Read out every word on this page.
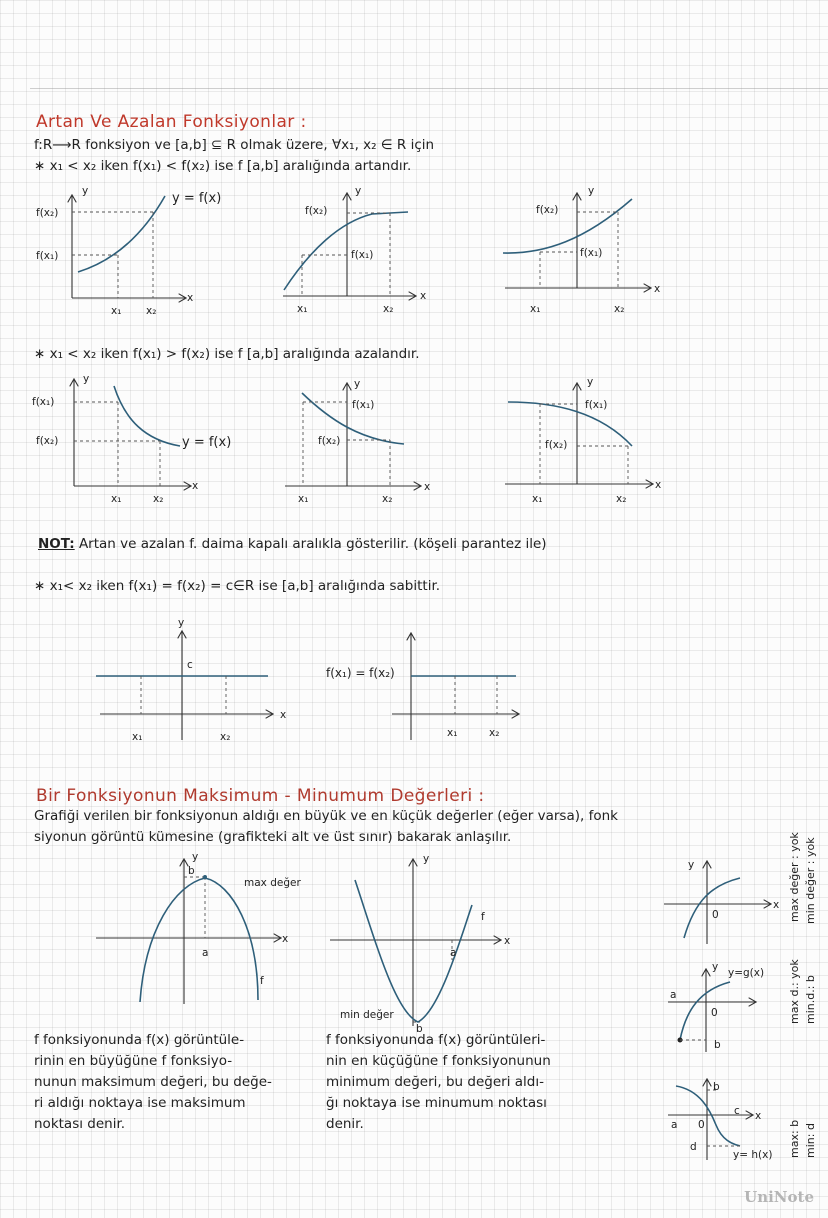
Artan Ve Azalan Fonksiyonlar :
f:R⟶R fonksiyon ve [a,b] ⊆ R olmak üzere, ∀x₁, x₂ ∈ R için
∗ x₁ < x₂ iken f(x₁) < f(x₂) ise f [a,b] aralığında artandır.
∗ x₁ < x₂ iken f(x₁) > f(x₂) ise f [a,b] aralığında azalandır.
NOT: Artan ve azalan f. daima kapalı aralıkla gösterilir. (köşeli parantez ile)
∗ x₁< x₂ iken f(x₁) = f(x₂) = c∈R ise [a,b] aralığında sabittir.
Bir Fonksiyonun Maksimum - Minumum Değerleri :
Grafiği verilen bir fonksiyonun aldığı en büyük ve en küçük değerler (eğer varsa), fonk
siyonun görüntü kümesine (grafikteki alt ve üst sınır) bakarak anlaşılır.
f fonksiyonunda f(x) görüntüle-
rinin en büyüğüne f fonksiyo-
nunun maksimum değeri, bu değe-
ri aldığı noktaya ise maksimum
noktası denir.
f fonksiyonunda f(x) görüntüleri-
nin en küçüğüne f fonksiyonunun
minimum değeri, bu değeri aldı-
ğı noktaya ise minumum noktası
denir.
y
x
x₁ x₂
f(x₁)
f(x₂)
y = f(x)	y
x
x₁	x₂
f(x₁)
f(x₂)
y
x
x₁	x₂
f(x₁)
f(x₂)
y
x
x₁	x₂
f(x₁)
f(x₂)	y = f(x)
y
x
x₁	x₂
f(x₁)
f(x₂)
y
x
x₁	x₂
f(x₁)
f(x₂)
y
x
c
x₁	x₂
f(x₁) = f(x₂)
x₁	x₂
y
x
b
a
f
max değer
y
x
f
b
a
min değer
0
y
x
a
0
b
y=g(x)
y
a 0
b
d
c x
y= h(x)
max değer : yok min değer : yok
max d.: yok min.d.: b
max: b min: d
UniNote
